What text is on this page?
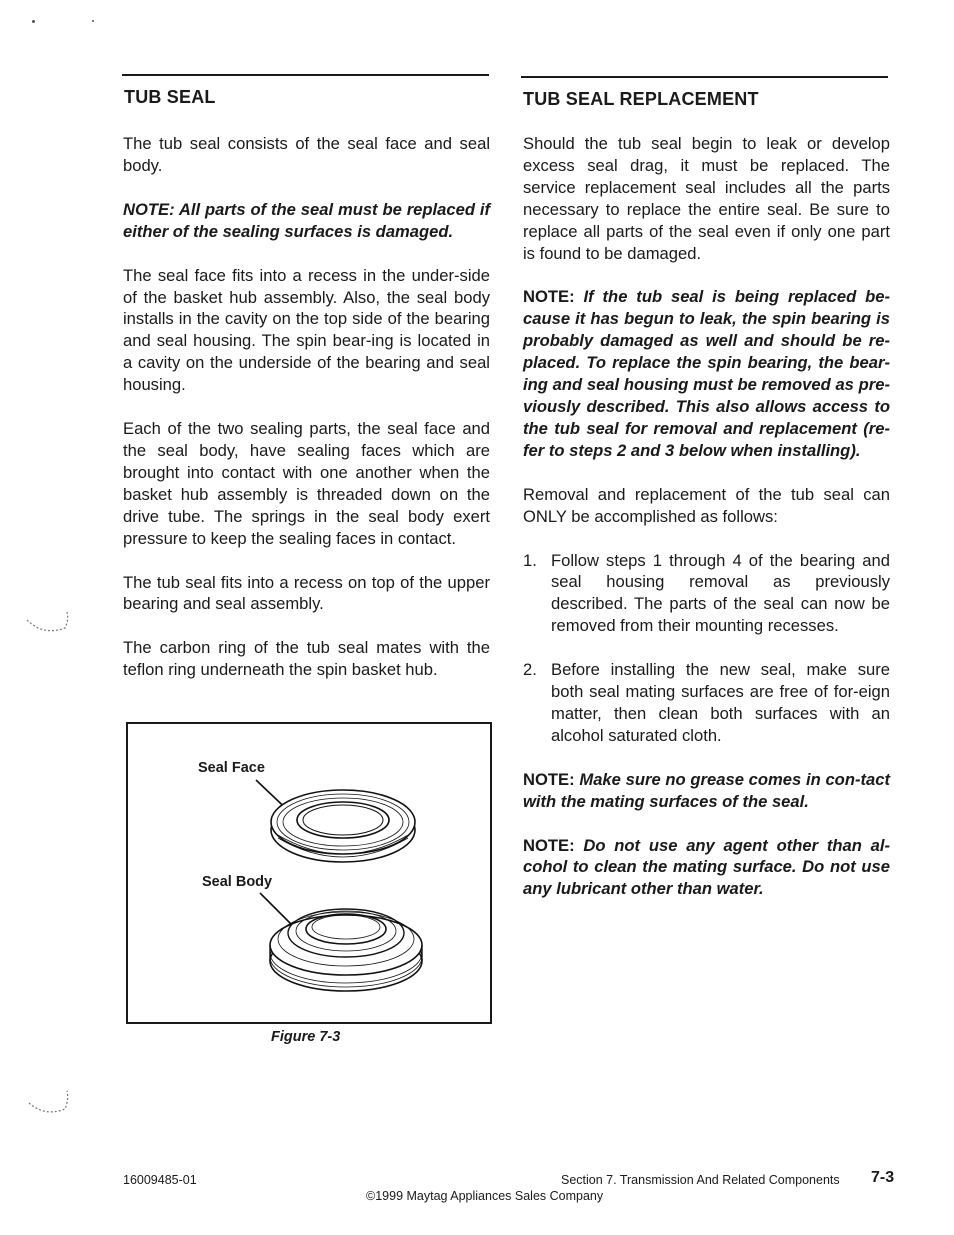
TUB SEAL

The tub seal consists of the seal face and seal body.

NOTE: All parts of the seal must be replaced if either of the sealing surfaces is damaged.

The seal face fits into a recess in the under-side of the basket hub assembly. Also, the seal body installs in the cavity on the top side of the bearing and seal housing. The spin bear-ing is located in a cavity on the underside of the bearing and seal housing.

Each of the two sealing parts, the seal face and the seal body, have sealing faces which are brought into contact with one another when the basket hub assembly is threaded down on the drive tube. The springs in the seal body exert pressure to keep the sealing faces in contact.

The tub seal fits into a recess on top of the upper bearing and seal assembly.

The carbon ring of the tub seal mates with the teflon ring underneath the spin basket hub.

Seal Face
Seal Body
Figure 7-3
TUB SEAL REPLACEMENT

Should the tub seal begin to leak or develop excess seal drag, it must be replaced. The service replacement seal includes all the parts necessary to replace the entire seal. Be sure to replace all parts of the seal even if only one part is found to be damaged.

NOTE: If the tub seal is being replaced be-cause it has begun to leak, the spin bearing is probably damaged as well and should be re-placed. To replace the spin bearing, the bear-ing and seal housing must be removed as pre-viously described. This also allows access to the tub seal for removal and replacement (re-fer to steps 2 and 3 below when installing).

Removal and replacement of the tub seal can ONLY be accomplished as follows:

1. Follow steps 1 through 4 of the bearing and seal housing removal as previously described. The parts of the seal can now be removed from their mounting recesses.
2. Before installing the new seal, make sure both seal mating surfaces are free of for-eign matter, then clean both surfaces with an alcohol saturated cloth.

NOTE: Make sure no grease comes in con-tact with the mating surfaces of the seal.

NOTE: Do not use any agent other than al-cohol to clean the mating surface. Do not use any lubricant other than water.

16009485-01	Section 7. Transmission And Related Components 7-3
©1999 Maytag Appliances Sales Company
